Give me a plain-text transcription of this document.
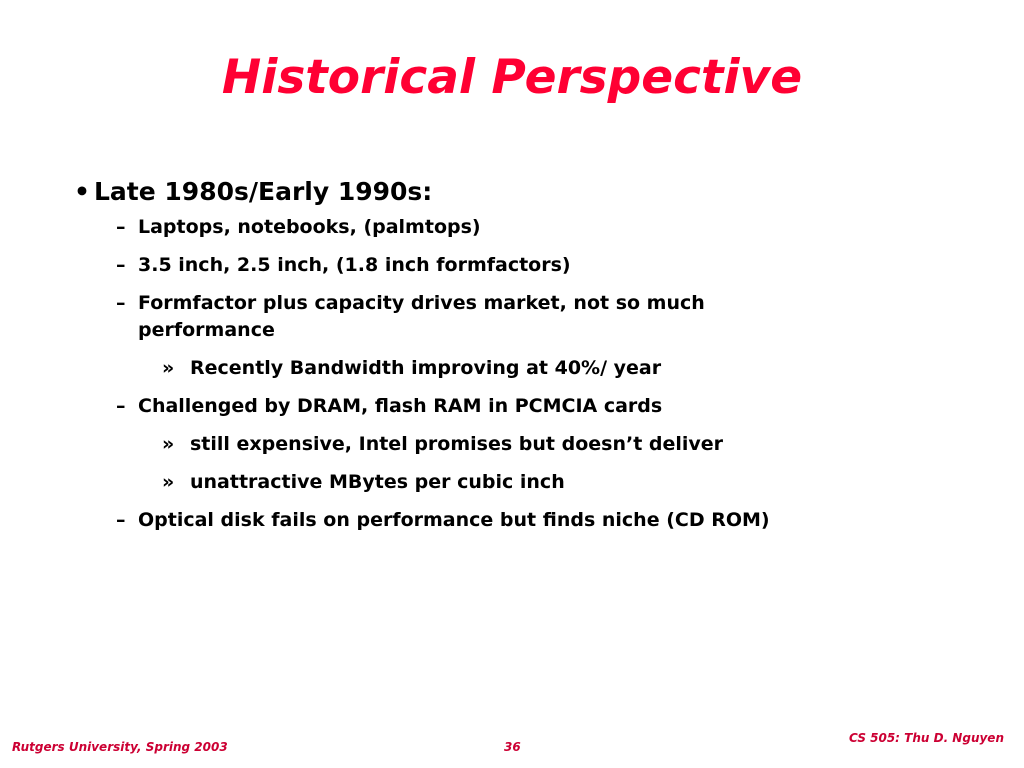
Historical Perspective
• Late 1980s/Early 1990s:
– Laptops, notebooks, (palmtops)
– 3.5 inch, 2.5 inch, (1.8 inch formfactors)
– Formfactor plus capacity drives market, not so much performance
» Recently Bandwidth improving at 40%/ year
– Challenged by DRAM, flash RAM in PCMCIA cards
» still expensive, Intel promises but doesn’t deliver
» unattractive MBytes per cubic inch
– Optical disk fails on performance but finds niche (CD ROM)
Rutgers University, Spring 2003	36
CS 505: Thu D. Nguyen
